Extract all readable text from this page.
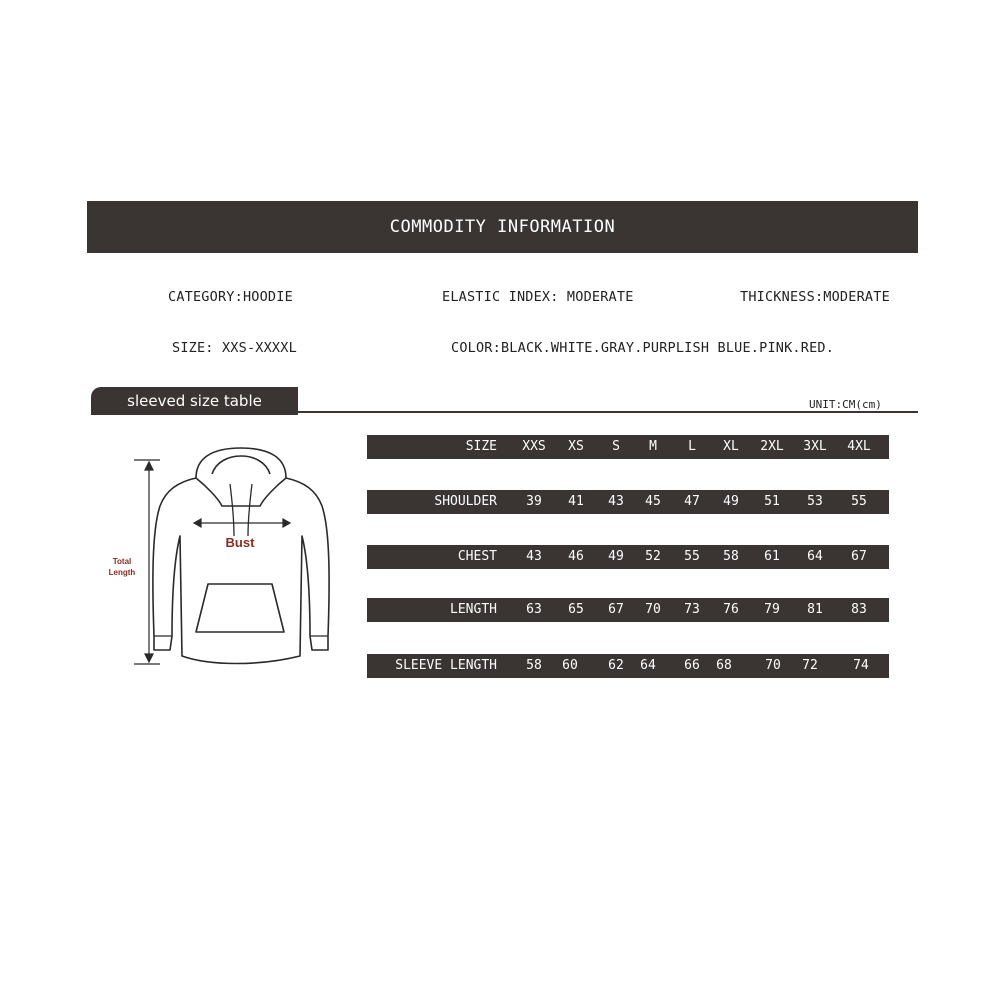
COMMODITY INFORMATION
CATEGORY:HOODIE	ELASTIC INDEX: MODERATE	THICKNESS:MODERATE
SIZE: XXS-XXXXL	COLOR:BLACK.WHITE.GRAY.PURPLISH BLUE.PINK.RED.
sleeved size table	UNIT:CM(cm)
Bust
Total
Length
SIZE	XXS	XS	S	M	L	XL	2XL	3XL	4XL
SHOULDER	39	41	43	45	47	49	51	53	55
CHEST	43	46	49	52	55	58	61	64	67
LENGTH	63	65	67	70	73	76	79	81	83
SLEEVE LENGTH	58	60	62	64	66	68	70	72	74
